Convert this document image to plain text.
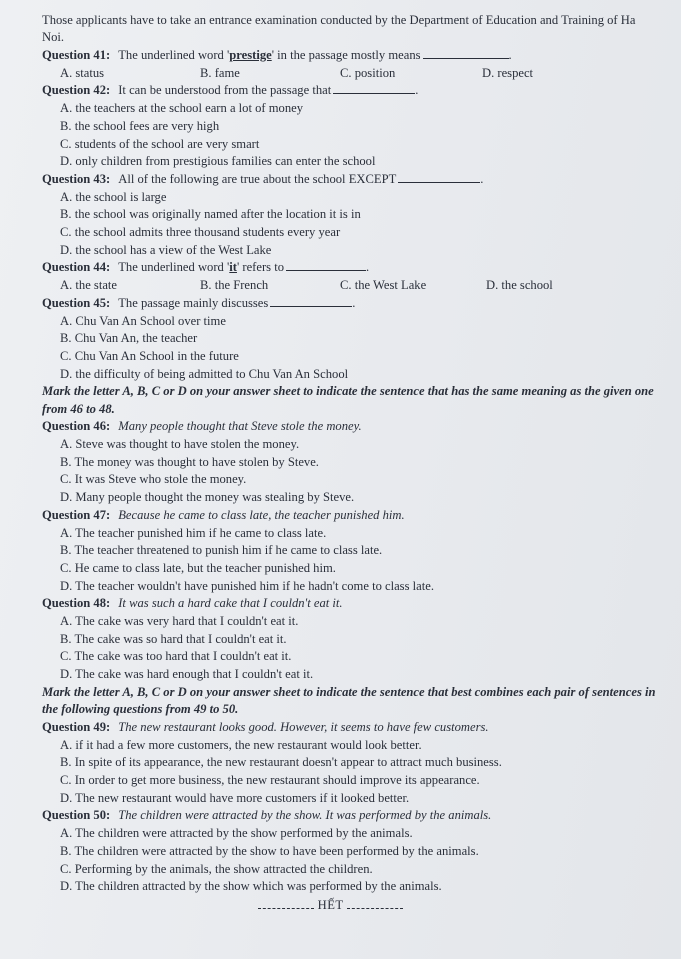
Those applicants have to take an entrance examination conducted by the Department of Education and Training of Ha Noi.
Question 41: The underlined word 'prestige' in the passage mostly means	.
A. status	B. fame	C. position	D. respect
Question 42: It can be understood from the passage that	.
A. the teachers at the school earn a lot of money
B. the school fees are very high
C. students of the school are very smart
D. only children from prestigious families can enter the school
Question 43: All of the following are true about the school EXCEPT	.
A. the school is large
B. the school was originally named after the location it is in
C. the school admits three thousand students every year
D. the school has a view of the West Lake
Question 44: The underlined word 'it' refers to	.
A. the state	B. the French	C. the West Lake	D. the school
Question 45: The passage mainly discusses	.
A. Chu Van An School over time
B. Chu Van An, the teacher
C. Chu Van An School in the future
D. the difficulty of being admitted to Chu Van An School
Mark the letter A, B, C or D on your answer sheet to indicate the sentence that has the same meaning as the given one from 46 to 48.
Question 46: Many people thought that Steve stole the money.
A. Steve was thought to have stolen the money.
B. The money was thought to have stolen by Steve.
C. It was Steve who stole the money.
D. Many people thought the money was stealing by Steve.
Question 47: Because he came to class late, the teacher punished him.
A. The teacher punished him if he came to class late.
B. The teacher threatened to punish him if he came to class late.
C. He came to class late, but the teacher punished him.
D. The teacher wouldn't have punished him if he hadn't come to class late.
Question 48: It was such a hard cake that I couldn't eat it.
A. The cake was very hard that I couldn't eat it.
B. The cake was so hard that I couldn't eat it.
C. The cake was too hard that I couldn't eat it.
D. The cake was hard enough that I couldn't eat it.
Mark the letter A, B, C or D on your answer sheet to indicate the sentence that best combines each pair of sentences in the following questions from 49 to 50.
Question 49: The new restaurant looks good. However, it seems to have few customers.
A. if it had a few more customers, the new restaurant would look better.
B. In spite of its appearance, the new restaurant doesn't appear to attract much business.
C. In order to get more business, the new restaurant should improve its appearance.
D. The new restaurant would have more customers if it looked better.
Question 50: The children were attracted by the show. It was performed by the animals.
A. The children were attracted by the show performed by the animals.
B. The children were attracted by the show to have been performed by the animals.
C. Performing by the animals, the show attracted the children.
D. The children attracted by the show which was performed by the animals.
HẾT
